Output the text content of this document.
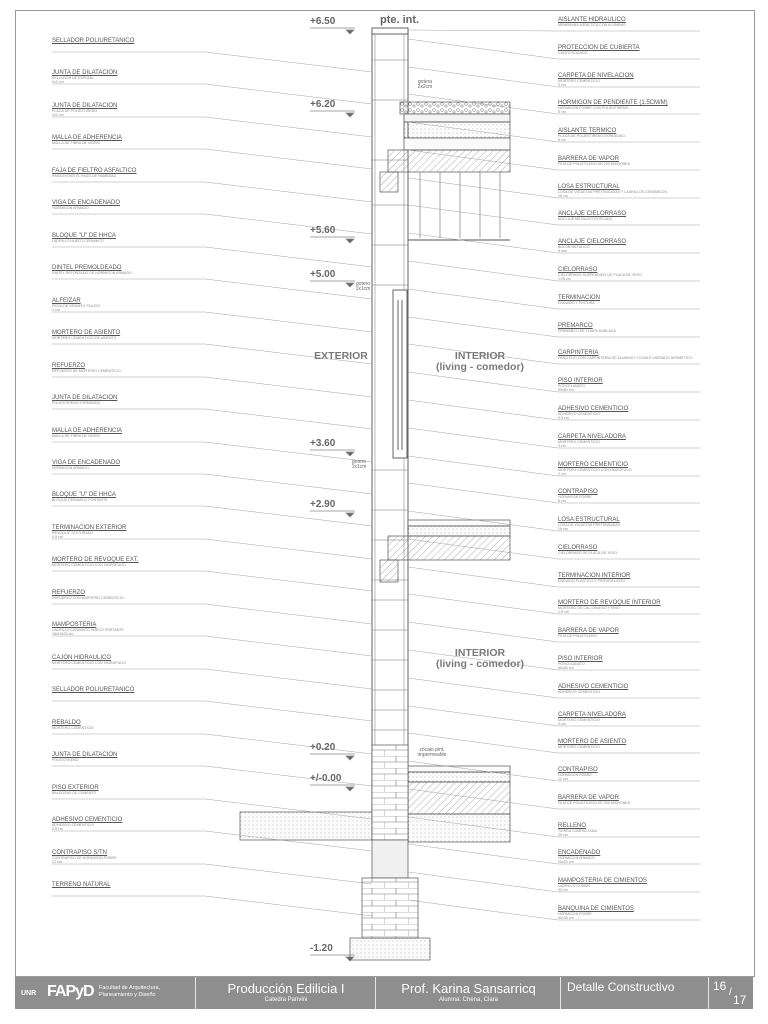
pte. int.
+6.50
+6.20
+5.60
+5.00
+3.60
+2.90
+0.20
+/-0.00
-1.20
EXTERIOR	INTERIOR
(living - comedor)
INTERIOR
(living - comedor)
gotera
2x2cm
gotero
1x1cm
gotero
1x1cm
zócalo pint.
impermeable
SELLADOR POLIURETANICO
JUNTA DE DILATACION
SELLADOR DE ESPUMA
2x2 cm
JUNTA DE DILATACION
PLACA DE POLIESTIRENO
2x2 cm
MALLA DE ADHERENCIA
MALLA DE FIBRA DE VIDRIO
FAJA DE FIELTRO ASFALTICO
PARA EVITAR EL PASO DE HUMEDAD
VIGA DE ENCADENADO
HORMIGON ARMADO
BLOQUE "U" DE HHCA
LADRILLO HUECO CERAMICO
DINTEL PREMOLDEADO
DINTEL REFORZADO DE HORMIGON ARMADO
ALFEIZAR
PIEZA DE GRANITO PULIDO
2 cm
MORTERO DE ASIENTO
MORTERO CEMENTICIO DE ASIENTO
REFUERZO
REFUERZO DE MORTERO CEMENTICIO
JUNTA DE DILATACION
POLIESTIRENO EXPANDIDO
MALLA DE ADHERENCIA
MALLA DE FIBRA DE VIDRIO
VIGA DE ENCADENADO
HORMIGON ARMADO
BLOQUE "U" DE HHCA
BLOQUE CERAMICO PORTANTE
TERMINACION EXTERIOR
REVOQUE TEXTURADO
0.5 cm
MORTERO DE REVOQUE EXT.
MORTERO CEMENTICIO CON HIDROFUGO
REFUERZO
REFUERZO CON MORTERO CEMENTICIO
MAMPOSTERIA
LADRILLO CERAMICO HUECO PORTANTE
18x19x33 cm
CAJON HIDRAULICO
MORTERO CEMENTICIO CON HIDROFUGO
SELLADOR POLIURETANICO
REBALDO
MORTERO CEMENTICIO
JUNTA DE DILATACION
POLIESTIRENO
PISO EXTERIOR
BALDOSAS DE CEMENTO
ADHESIVO CEMENTICIO
ADHESIVO CEMENTICIO
0.5 cm
CONTRAPISO S/TN
CONTRAPISO DE HORMIGON POBRE
12 cm
TERRENO NATURAL
AISLANTE HIDRAULICO
MEMBRANA ASFALTICA CON ALUMINIO
PROTECCION DE CUBIERTA
CANTO RODADO
CARPETA DE NIVELACION
MORTERO CEMENTICIO
3 cm
HORMIGON DE PENDIENTE (1.5CM/M)
HORMIGON POBRE CON POLIESTIRENO
8 cm
AISLANTE TERMICO
PLACA DE POLIESTIRENO EXPANDIDO
5 cm
BARRERA DE VAPOR
FILM DE POLIETILENO DE 200 MICRONES
LOSA ESTRUCTURAL
LOSA DE VIGUETAS PRETENSADAS Y LADRILLOS CERAMICOS
16 cm
ANCLAJE CIELORRASO
ANCLAJE METALICO ROSCADO
ANCLAJE CIELORRASO
BULON METALICO
8 mm
CIELORRASO
CIELORRASO SUSPENDIDO DE PLACA DE YESO
1.25 cm
TERMINACION
ENDUIDO Y PINTURA
PREMARCO
PREMARCO DE CHAPA DOBLADA
CARPINTERIA
PAÑO FIJO CON CARPINTERIA DE ALUMINIO Y DOBLE VIDRIADO HERMETICO
PISO INTERIOR
PORCELANATO
60x60 cm
ADHESIVO CEMENTICIO
ADHESIVO CEMENTICIO
0.5 cm
CARPETA NIVELADORA
MORTERO CEMENTICIO
3 cm
MORTERO CEMENTICIO
MORTERO CEMENTICIO CON HIDROFUGO
2 cm
CONTRAPISO
HORMIGON POBRE
8 cm
LOSA ESTRUCTURAL
LOSA DE VIGUETAS PRETENSADAS
16 cm
CIELORRASO
CIELORRASO DE PLACA DE YESO
TERMINACION INTERIOR
ENDUIDO PLASTICO Y PINTURA LATEX
MORTERO DE REVOQUE INTERIOR
MORTERO DE CAL GRUESO Y FINO
1.5 cm
BARRERA DE VAPOR
FILM DE POLIETILENO
PISO INTERIOR
PORCELANATO
60x60 cm
ADHESIVO CEMENTICIO
ADHESIVO CEMENTICIO
CARPETA NIVELADORA
MORTERO CEMENTICIO
3 cm
MORTERO DE ASIENTO
MORTERO CEMENTICIO
CONTRAPISO
HORMIGON POBRE
12 cm
BARRERA DE VAPOR
FILM DE POLIETILENO DE 200 MICRONES
RELLENO
TIERRA COMPACTADA
20 cm
ENCADENADO
HORMIGON ARMADO
20x20 cm
MAMPOSTERIA DE CIMIENTOS
LADRILLO COMUN
30 cm
BANQUINA DE CIMIENTOS
HORMIGON POBRE
40x30 cm
UNR FAPyD Facultad de Arquitectura,
Planeamiento y Diseño	Producción Edilicia I
Catedra Panvini
Prof. Karina Sansarricq
Alumna: Chena, Clara
Detalle Constructivo	16 /
17
